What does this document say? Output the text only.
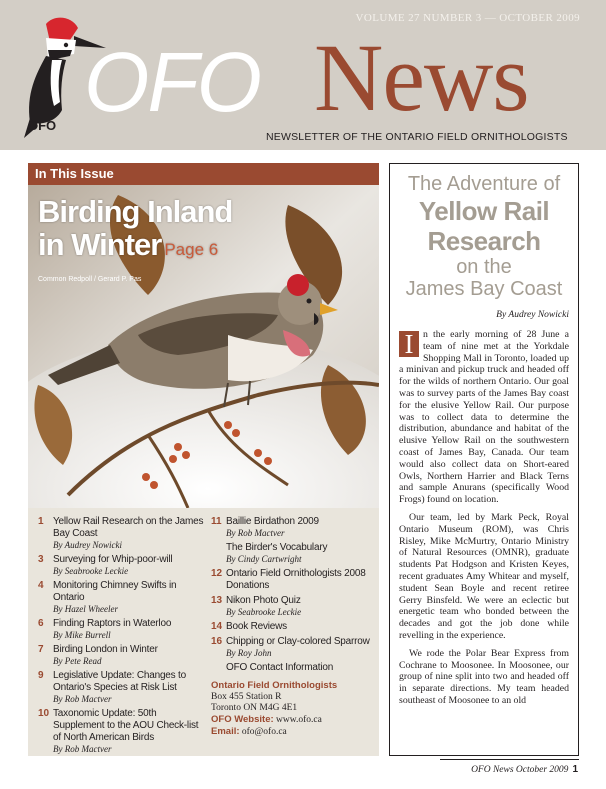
VOLUME 27 NUMBER 3 — OCTOBER 2009
OFO OFO News
NEWSLETTER OF THE ONTARIO FIELD ORNITHOLOGISTS
In This Issue
Birding Inland
in Winter Page 6
Common Redpoll / Gerard P. Pas
1 Yellow Rail Research on the James Bay Coast
By Audrey Nowicki
3 Surveying for Whip-poor-will
By Seabrooke Leckie
4 Monitoring Chimney Swifts in Ontario
By Hazel Wheeler
6 Finding Raptors in Waterloo
By Mike Burrell
7 Birding London in Winter
By Pete Read
9 Legislative Update: Changes to Ontario's Species at Risk List
By Rob Mactver
10 Taxonomic Update: 50th Supplement to the AOU Check-list of North American Birds
By Rob Mactver
11 Baillie Birdathon 2009
By Rob Mactver
The Birder's Vocabulary
By Cindy Cartwright
12 Ontario Field Ornithologists 2008 Donations
13 Nikon Photo Quiz
By Seabrooke Leckie
14 Book Reviews
16 Chipping or Clay-colored Sparrow
By Roy John
OFO Contact Information
Ontario Field Ornithologists
Box 455 Station R
Toronto ON M4G 4E1
OFO Website: www.ofo.ca
Email: ofo@ofo.ca
The Adventure of
Yellow Rail
Research
on the
James Bay Coast
By Audrey Nowicki

I n the early morning of 28 June a team of nine met at the Yorkdale Shopping Mall in Toronto, loaded up a minivan and pickup truck and headed off for the wilds of northern Ontario. Our goal was to survey parts of the James Bay coast for the elusive Yellow Rail. Our purpose was to collect data to determine the distribution, abundance and habitat of the elusive Yellow Rail on the southwestern coast of James Bay, Canada. Our team would also collect data on Short-eared Owls, Northern Harrier and Black Terns and sample Anurans (specifically Wood Frogs) found on location.

Our team, led by Mark Peck, Royal Ontario Museum (ROM), was Chris Risley, Mike McMurtry, Ontario Ministry of Natural Resources (OMNR), graduate students Pat Hodgson and Kristen Keyes, recent graduates Amy Whitear and myself, student Sean Boyle and recent retiree Gerry Binsfeld. We were an eclectic but energetic team who bonded between the decades and got the job done while revelling in the experience.

We rode the Polar Bear Express from Cochrane to Moosonee. In Moosonee, our group of nine split into two and headed off in separate directions. My team headed southeast of Moosonee to an old

OFO News October 2009 1
